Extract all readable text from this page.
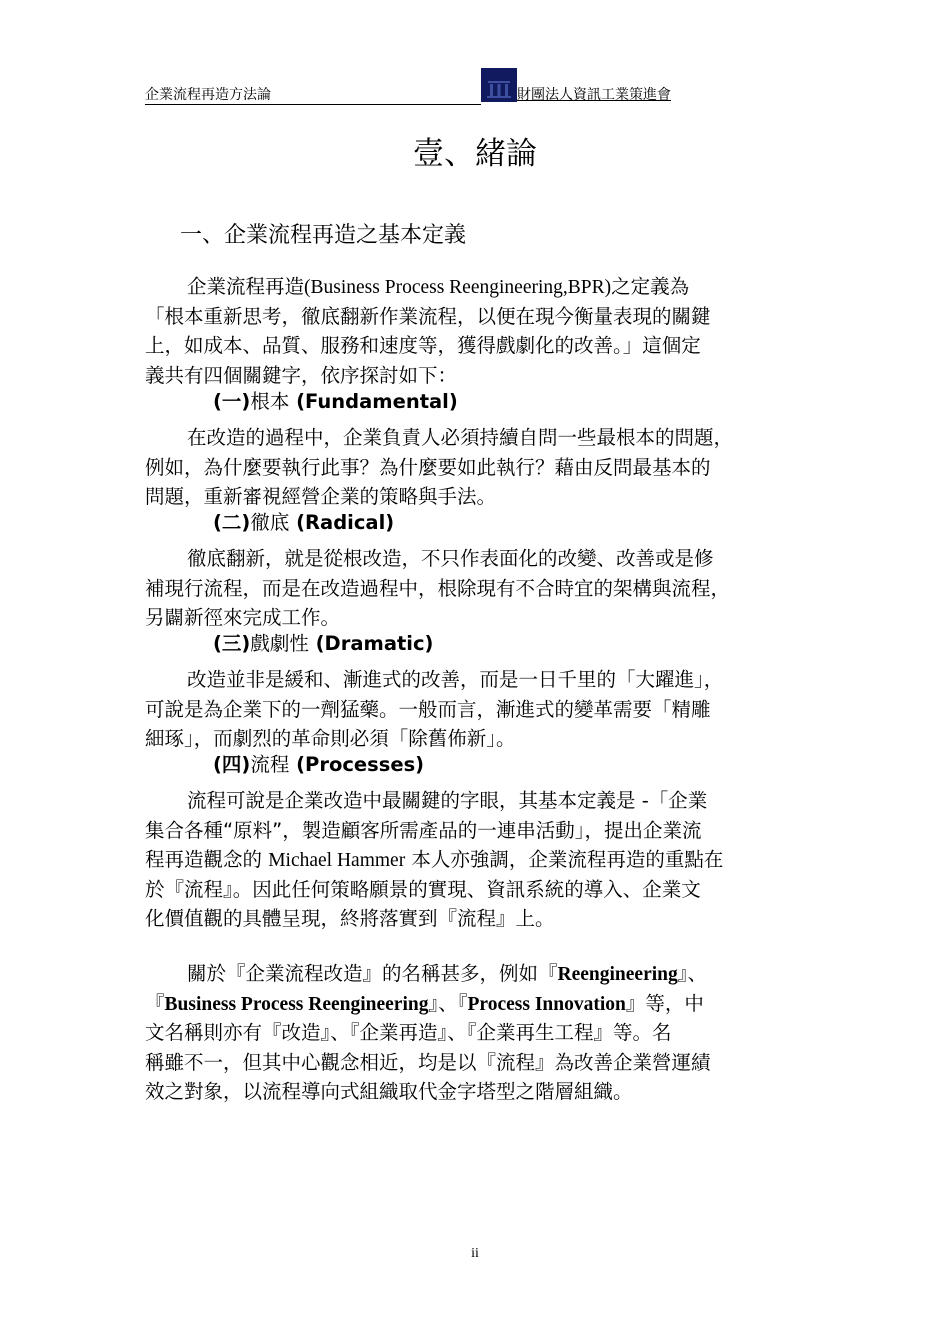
企業流程再造方法論	財團法人資訊工業策進會
壹、緒論
一、企業流程再造之基本定義
企業流程再造(Business Process Reengineering,BPR)之定義為
「根本重新思考，徹底翻新作業流程，以便在現今衡量表現的關鍵
上，如成本、品質、服務和速度等，獲得戲劇化的改善。」這個定
義共有四個關鍵字，依序探討如下：
(一)根本 (Fundamental)
在改造的過程中，企業負責人必須持續自問一些最根本的問題，
例如，為什麼要執行此事？為什麼要如此執行？藉由反問最基本的
問題，重新審視經營企業的策略與手法。
(二)徹底 (Radical)
徹底翻新，就是從根改造，不只作表面化的改變、改善或是修
補現行流程，而是在改造過程中，根除現有不合時宜的架構與流程，
另闢新徑來完成工作。
(三)戲劇性 (Dramatic)
改造並非是緩和、漸進式的改善，而是一日千里的「大躍進」，
可說是為企業下的一劑猛藥。一般而言，漸進式的變革需要「精雕
細琢」，而劇烈的革命則必須「除舊佈新」。
(四)流程 (Processes)
流程可說是企業改造中最關鍵的字眼，其基本定義是 -「企業
集合各種“原料”，製造顧客所需產品的一連串活動」，提出企業流
程再造觀念的 Michael Hammer 本人亦強調，企業流程再造的重點在
於『流程』。因此任何策略願景的實現、資訊系統的導入、企業文
化價值觀的具體呈現，終將落實到『流程』上。
關於『企業流程改造』的名稱甚多，例如『Reengineering』、
『Business Process Reengineering』、『Process Innovation』等，中
文名稱則亦有『改造』、『企業再造』、『企業再生工程』等。名
稱雖不一，但其中心觀念相近，均是以『流程』為改善企業營運績
效之對象，以流程導向式組織取代金字塔型之階層組織。
ii
